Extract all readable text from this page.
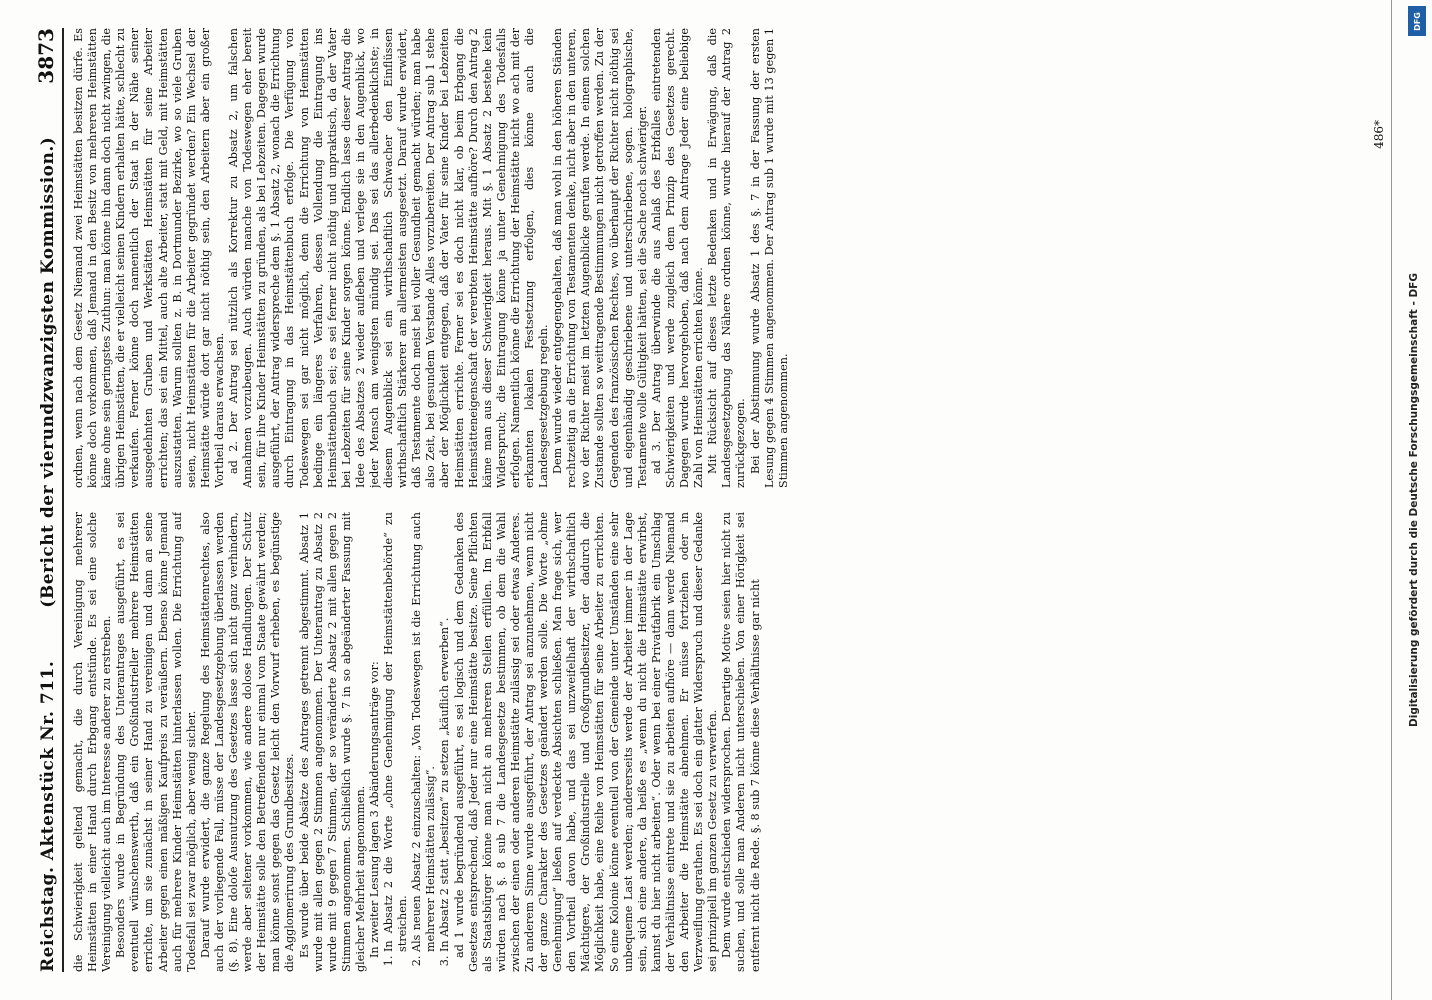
Reichstag. Aktenstück Nr. 711.
(Bericht der vierundzwanzigsten Kommission.)
3873

die Schwierigkeit geltend gemacht, die durch Vereinigung mehrerer Heimstätten in einer Hand durch Erbgang entstünde. Es sei eine solche Vereinigung vielleicht auch im Interesse anderer zu erstreben. Besonders wurde in Begründung des Unterantrages ausgeführt, es sei eventuell wünschenswerth, daß ein Großindustrieller mehrere Heimstätten errichte, um sie zunächst in seiner Hand zu vereinigen und dann an seine Arbeiter gegen einen mäßigen Kaufpreis zu veräußern. Ebenso könne Jemand auch für mehrere Kinder Heimstätten hinterlassen wollen. Die Errichtung auf Todesfall sei zwar möglich, aber wenig sicher. Darauf wurde erwidert, die ganze Regelung des Heimstättenrechtes, also auch der vorliegende Fall, müsse der Landesgesetzgebung überlassen werden (§. 8). Eine doloſe Ausnutzung des Gesetzes lasse sich nicht ganz verhindern, werde aber seltener vorkommen, wie andere dolose Handlungen. Der Schutz der Heimstätte solle den Betreffenden nur einmal vom Staate gewährt werden; man könne sonst gegen das Gesetz leicht den Vorwurf erheben, es begünstige die Agglomerirung des Grundbesitzes. Es wurde über beide Absätze des Antrages getrennt abgestimmt. Absatz 1 wurde mit allen gegen 2 Stimmen angenommen. Der Unterantrag zu Absatz 2 wurde mit 9 gegen 7 Stimmen, der so veränderte Absatz 2 mit allen gegen 2 Stimmen angenommen. Schließlich wurde §. 7 in so abgeänderter Fassung mit gleicher Mehrheit angenommen. In zweiter Lesung lagen 3 Abänderungsanträge vor: 1. In Absatz 2 die Worte „ohne Genehmigung der Heimstättenbehörde“ zu streichen. 2. Als neuen Absatz 2 einzuschalten: „Von Todeswegen ist die Errichtung auch mehrerer Heimstätten zulässig“. 3. In Absatz 2 statt „besitzen“ zu setzen „käuflich erwerben“. ad 1 wurde begründend ausgeführt, es sei logisch und dem Gedanken des Gesetzes entsprechend, daß Jeder nur eine Heimstätte besitze. Seine Pflichten als Staatsbürger könne man nicht an mehreren Stellen erfüllen. Im Erbfall würden nach §. 8 sub 7 die Landesgesetze bestimmen, ob dem die Wahl zwischen der einen oder anderen Heimstätte zulässig sei oder etwas Anderes. Zu anderem Sinne wurde ausgeführt, der Antrag sei anzunehmen, wenn nicht der ganze Charakter des Gesetzes geändert werden solle. Die Worte „ohne Genehmigung“ ließen auf verdeckte Absichten schließen. Man frage sich, wer den Vortheil davon habe, und das sei unzweifelhaft der wirthschaftlich Mächtigere, der Großindustrielle und Großgrundbesitzer, der dadurch die Möglichkeit habe, eine Reihe von Heimstätten für seine Arbeiter zu errichten. So eine Kolonie könne eventuell von der Gemeinde unter Umständen eine sehr unbequeme Last werden; andererseits werde der Arbeiter immer in der Lage sein, sich eine andere, da heiße es „wenn du nicht die Heimstätte erwirbst, kannst du hier nicht arbeiten“. Oder wenn bei einer Privatfabrik ein Umschlag der Verhältnisse eintrete und sie zu arbeiten aufhöre — dann werde Niemand den Arbeiter die Heimstätte abnehmen. Er müsse fortziehen oder in Verzweiflung gerathen. Es sei doch ein glatter Widerspruch und dieser Gedanke sei prinzipiell im ganzen Gesetz zu verwerfen. Dem wurde entschieden widersprochen. Derartige Motive seien hier nicht zu suchen, und solle man Anderen nicht unterschieben. Von einer Hörigkeit sei entfernt nicht die Rede. §. 8 sub 7 könne diese Verhältnisse gar nicht

ordnen, wenn nach dem Gesetz Niemand zwei Heimstätten besitzen dürfe. Es könne doch vorkommen, daß Jemand in den Besitz von mehreren Heimstätten käme ohne sein geringstes Zuthun: man könne ihn dann doch nicht zwingen, die übrigen Heimstätten, die er vielleicht seinen Kindern erhalten hätte, schlecht zu verkaufen. Ferner könne doch namentlich der Staat in der Nähe seiner ausgedehnten Gruben und Werkstätten Heimstätten für seine Arbeiter errichten; das sei ein Mittel, auch alte Arbeiter, statt mit Geld, mit Heimstätten auszustatten. Warum sollten z. B. in Dortmunder Bezirke, wo so viele Gruben seien, nicht Heimstätten für die Arbeiter gegründet werden? Ein Wechsel der Heimstätte würde dort gar nicht nöthig sein, den Arbeitern aber ein großer Vortheil daraus erwachsen. ad 2. Der Antrag sei nützlich als Korrektur zu Absatz 2, um falschen Annahmen vorzubeugen. Auch würden manche von Todeswegen eher bereit sein, für ihre Kinder Heimstätten zu gründen, als bei Lebzeiten. Dagegen wurde ausgeführt, der Antrag widerspreche dem §. 1 Absatz 2, wonach die Errichtung durch Eintragung in das Heimstättenbuch erfolge. Die Verfügung von Todeswegen sei gar nicht möglich, denn die Errichtung von Heimstätten bedinge ein längeres Verfahren, dessen Vollendung die Eintragung ins Heimstättenbuch sei; es sei ferner nicht nöthig und unpraktisch, da der Vater bei Lebzeiten für seine Kinder sorgen könne. Endlich lasse dieser Antrag die Idee des Absatzes 2 wieder aufleben und verlege sie in den Augenblick, wo jeder Mensch am wenigsten mündig sei. Das sei das allerbedenklichste; in diesem Augenblick sei ein wirthschaftlich Schwacher den Einflüssen wirthschaftlich Stärkerer am allermeisten ausgesetzt. Darauf wurde erwidert, daß Testamente doch meist bei voller Gesundheit gemacht würden; man habe also Zeit, bei gesundem Verstande Alles vorzubereiten. Der Antrag sub 1 stehe aber der Möglichkeit entgegen, daß der Vater für seine Kinder bei Lebzeiten Heimstätten errichte. Ferner sei es doch nicht klar, ob beim Erbgang die Heimstätteneigenschaft der vererbten Heimstätte aufhöre? Durch den Antrag 2 käme man aus dieser Schwierigkeit heraus. Mit §. 1 Absatz 2 bestehe kein Widerspruch; die Eintragung könne ja unter Genehmigung des Todesfalls erfolgen. Namentlich könne die Errichtung der Heimstätte nicht wo ach mit der erkannten lokalen Festsetzung erfolgen, dies könne auch die Landesgesetzgebung regeln. Dem wurde wieder entgegengehalten, daß man wohl in den höheren Ständen rechtzeitig an die Errichtung von Testamenten denke, nicht aber in den unteren, wo der Richter meist im letzten Augenblicke gerufen werde. In einem solchen Zustande sollten so weittragende Bestimmungen nicht getroffen werden. Zu der Gegenden des französischen Rechtes, wo überhaupt der Richter nicht nöthig sei und eigenhändig geschriebene und unterschriebene, sogen. holographische, Testamente volle Gültigkeit hätten, sei die Sache noch schwieriger. ad 3. Der Antrag überwinde die aus Anlaß des Erbfalles eintretenden Schwierigkeiten und werde zugleich dem Prinzip des Gesetzes gerecht. Dagegen wurde hervorgehoben, daß nach dem Antrage Jeder eine beliebige Zahl von Heimstätten errichten könne. Mit Rücksicht auf dieses letzte Bedenken und in Erwägung, daß die Landesgesetzgebung das Nähere ordnen könne, wurde hierauf der Antrag 2 zurückgezogen. Bei der Abstimmung wurde Absatz 1 des §. 7 in der Fassung der ersten Lesung gegen 4 Stimmen angenommen. Der Antrag sub 1 wurde mit 13 gegen 1 Stimmen angenommen.

486*
Digitalisierung gefördert durch die Deutsche Forschungsgemeinschaft - DFG
DFG
